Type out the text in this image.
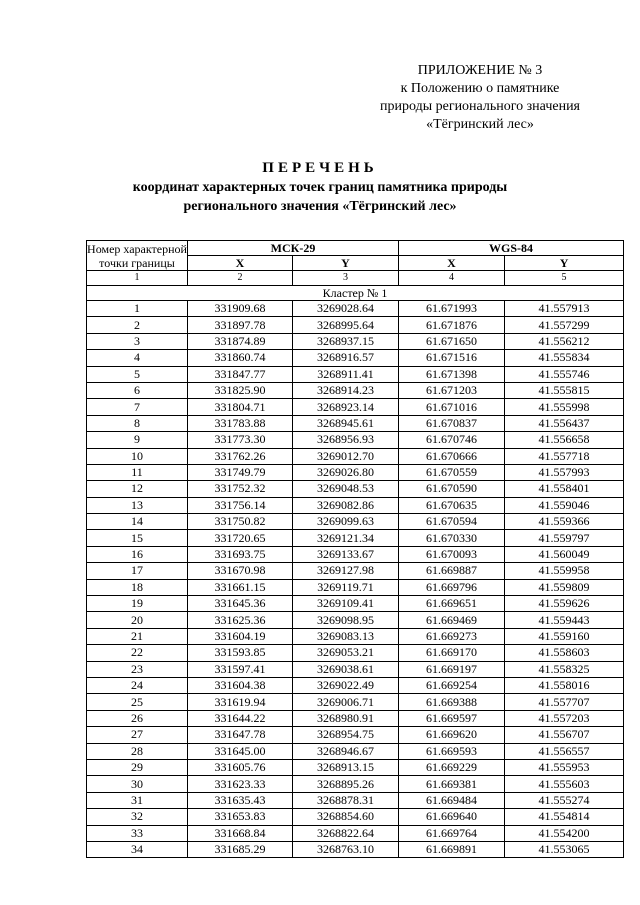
ПРИЛОЖЕНИЕ № 3
к Положению о памятнике
природы регионального значения
«Тёгринский лес»
ПЕРЕЧЕНЬ
координат характерных точек границ памятника природы
регионального значения «Тёгринский лес»
Номер характерной точки границы	МСК-29		WGS-84	
	X	Y	X	Y
1	2	3	4	5
Кластер № 1				
1	331909.68	3269028.64	61.671993	41.557913
2	331897.78	3268995.64	61.671876	41.557299
3	331874.89	3268937.15	61.671650	41.556212
4	331860.74	3268916.57	61.671516	41.555834
5	331847.77	3268911.41	61.671398	41.555746
6	331825.90	3268914.23	61.671203	41.555815
7	331804.71	3268923.14	61.671016	41.555998
8	331783.88	3268945.61	61.670837	41.556437
9	331773.30	3268956.93	61.670746	41.556658
10	331762.26	3269012.70	61.670666	41.557718
11	331749.79	3269026.80	61.670559	41.557993
12	331752.32	3269048.53	61.670590	41.558401
13	331756.14	3269082.86	61.670635	41.559046
14	331750.82	3269099.63	61.670594	41.559366
15	331720.65	3269121.34	61.670330	41.559797
16	331693.75	3269133.67	61.670093	41.560049
17	331670.98	3269127.98	61.669887	41.559958
18	331661.15	3269119.71	61.669796	41.559809
19	331645.36	3269109.41	61.669651	41.559626
20	331625.36	3269098.95	61.669469	41.559443
21	331604.19	3269083.13	61.669273	41.559160
22	331593.85	3269053.21	61.669170	41.558603
23	331597.41	3269038.61	61.669197	41.558325
24	331604.38	3269022.49	61.669254	41.558016
25	331619.94	3269006.71	61.669388	41.557707
26	331644.22	3268980.91	61.669597	41.557203
27	331647.78	3268954.75	61.669620	41.556707
28	331645.00	3268946.67	61.669593	41.556557
29	331605.76	3268913.15	61.669229	41.555953
30	331623.33	3268895.26	61.669381	41.555603
31	331635.43	3268878.31	61.669484	41.555274
32	331653.83	3268854.60	61.669640	41.554814
33	331668.84	3268822.64	61.669764	41.554200
34	331685.29	3268763.10	61.669891	41.553065
